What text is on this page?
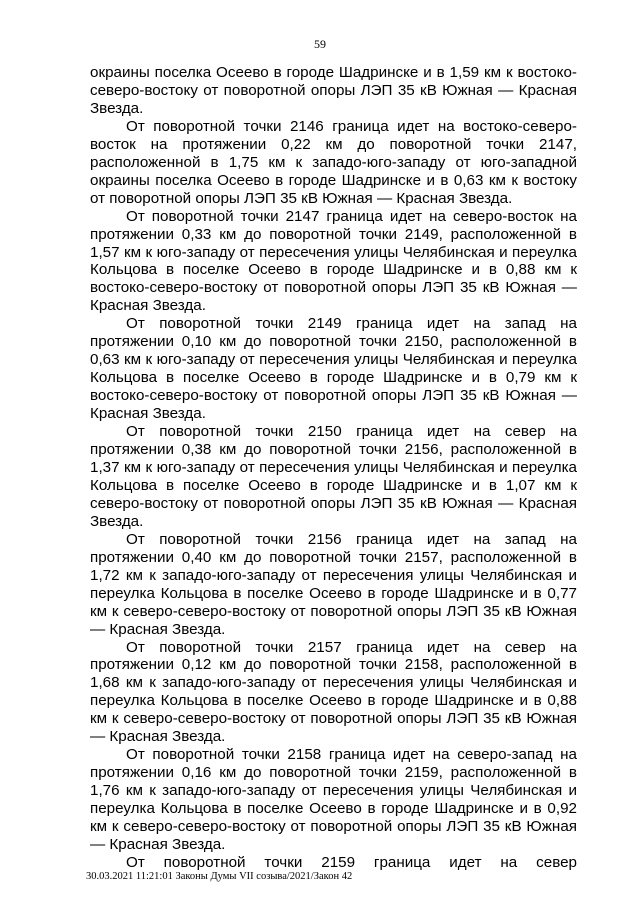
59

окраины поселка Осеево в городе Шадринске и в 1,59 км к востоко-северо-востоку от поворотной опоры ЛЭП 35 кВ Южная — Красная Звезда.

От поворотной точки 2146 граница идет на востоко-северо-восток на протяжении 0,22 км до поворотной точки 2147, расположенной в 1,75 км к западо-юго-западу от юго-западной окраины поселка Осеево в городе Шадринске и в 0,63 км к востоку от поворотной опоры ЛЭП 35 кВ Южная — Красная Звезда.

От поворотной точки 2147 граница идет на северо-восток на протяжении 0,33 км до поворотной точки 2149, расположенной в 1,57 км к юго-западу от пересечения улицы Челябинская и переулка Кольцова в поселке Осеево в городе Шадринске и в 0,88 км к востоко-северо-востоку от поворотной опоры ЛЭП 35 кВ Южная — Красная Звезда.

От поворотной точки 2149 граница идет на запад на протяжении 0,10 км до поворотной точки 2150, расположенной в 0,63 км к юго-западу от пересечения улицы Челябинская и переулка Кольцова в поселке Осеево в городе Шадринске и в 0,79 км к востоко-северо-востоку от поворотной опоры ЛЭП 35 кВ Южная — Красная Звезда.

От поворотной точки 2150 граница идет на север на протяжении 0,38 км до поворотной точки 2156, расположенной в 1,37 км к юго-западу от пересечения улицы Челябинская и переулка Кольцова в поселке Осеево в городе Шадринске и в 1,07 км к северо-востоку от поворотной опоры ЛЭП 35 кВ Южная — Красная Звезда.

От поворотной точки 2156 граница идет на запад на протяжении 0,40 км до поворотной точки 2157, расположенной в 1,72 км к западо-юго-западу от пересечения улицы Челябинская и переулка Кольцова в поселке Осеево в городе Шадринске и в 0,77 км к северо-северо-востоку от поворотной опоры ЛЭП 35 кВ Южная — Красная Звезда.

От поворотной точки 2157 граница идет на север на протяжении 0,12 км до поворотной точки 2158, расположенной в 1,68 км к западо-юго-западу от пересечения улицы Челябинская и переулка Кольцова в поселке Осеево в городе Шадринске и в 0,88 км к северо-северо-востоку от поворотной опоры ЛЭП 35 кВ Южная — Красная Звезда.

От поворотной точки 2158 граница идет на северо-запад на протяжении 0,16 км до поворотной точки 2159, расположенной в 1,76 км к западо-юго-западу от пересечения улицы Челябинская и переулка Кольцова в поселке Осеево в городе Шадринске и в 0,92 км к северо-северо-востоку от поворотной опоры ЛЭП 35 кВ Южная — Красная Звезда.

От поворотной точки 2159 граница идет на север

30.03.2021 11:21:01 Законы Думы VII созыва/2021/Закон 42
